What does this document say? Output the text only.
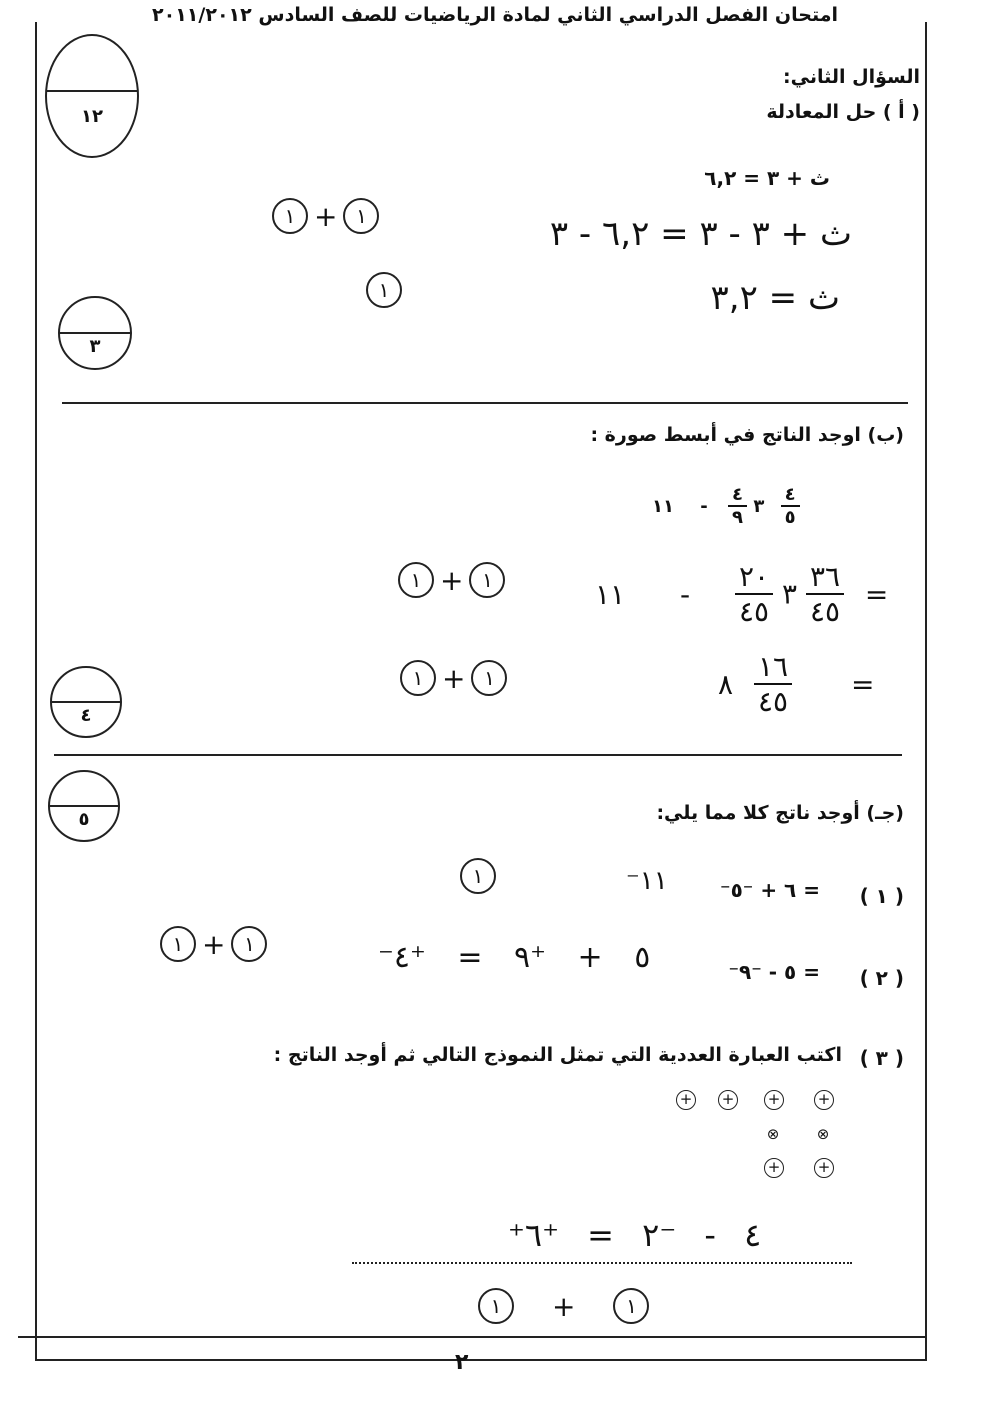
امتحان الفصل الدراسي الثاني لمادة الرياضيات للصف السادس ٢٠١١/٢٠١٢
١٢
السؤال الثاني:
( أ ) حل المعادلة
ث + ٣ = ٦,٢
ث + ٣ - ٣ = ٦,٢ - ٣
ث = ٣,٢
١ + ١
١
٣
(ب) اوجد الناتج في أبسط صورة :
٣
$\frac{٤}{٩}$
- ١١	$\frac{٤}{٥}$
٣
$\frac{٢٠}{٤٥}$
- ١١	$\frac{٣٦}{٤٥}$ =
٨ $\frac{١٦}{٤٥}$ =
١ + ١
١ + ١
٤
٥	(جـ) أوجد ناتج كلا مما يلي:
( ١ )
⁻٦ + ⁻٥ =
⁻١١
١
( ٢ )
⁻٥ - ⁻٩ =
⁻٥ + ⁺٩ = ⁺٤
١ + ١
( ٣ )
اكتب العبارة العددية التي تمثل النموذج التالي ثم أوجد الناتج :
+ + + +
⊗ ⊗
+ +
⁺٤ - ⁻٢ = ⁺٦
١ +	١
٢
